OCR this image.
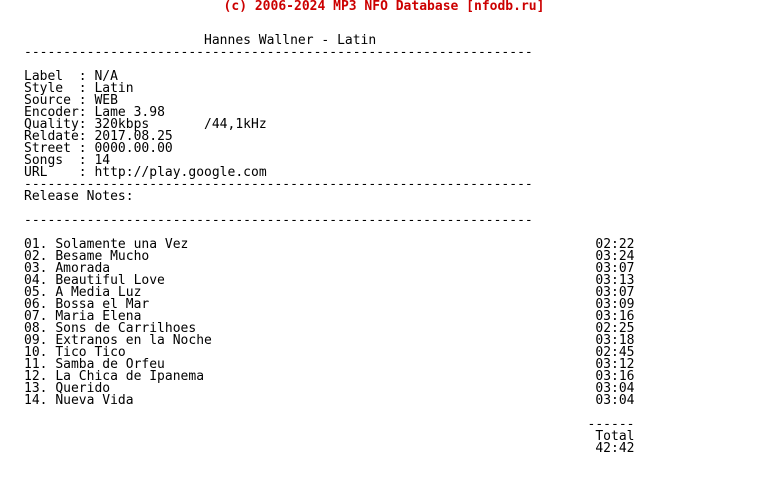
(c) 2006-2024 MP3 NFO Database [nfodb.ru]
Hannes Wallner - Latin
-----------------------------------------------------------------
Label  : N/A
Style  : Latin
Source : WEB
Encoder: Lame 3.98
Quality: 320kbps       /44,1kHz
Reldate: 2017.08.25
Street : 0000.00.00
Songs  : 14
URL    : http://play.google.com
-----------------------------------------------------------------
Release Notes:
-----------------------------------------------------------------
01. Solamente una Vez	02:22
02. Besame Mucho	03:24
03. Amorada	03:07
04. Beautiful Love	03:13
05. A Media Luz	03:07
06. Bossa el Mar	03:09
07. Maria Elena	03:16
08. Sons de Carrilhoes	02:25
09. Extranos en la Noche	03:18
10. Tico Tico	02:45
11. Samba de Orfeu	03:12
12. La Chica de Ipanema	03:16
13. Querido	03:04
14. Nueva Vida	03:04
------
Total
42:42
